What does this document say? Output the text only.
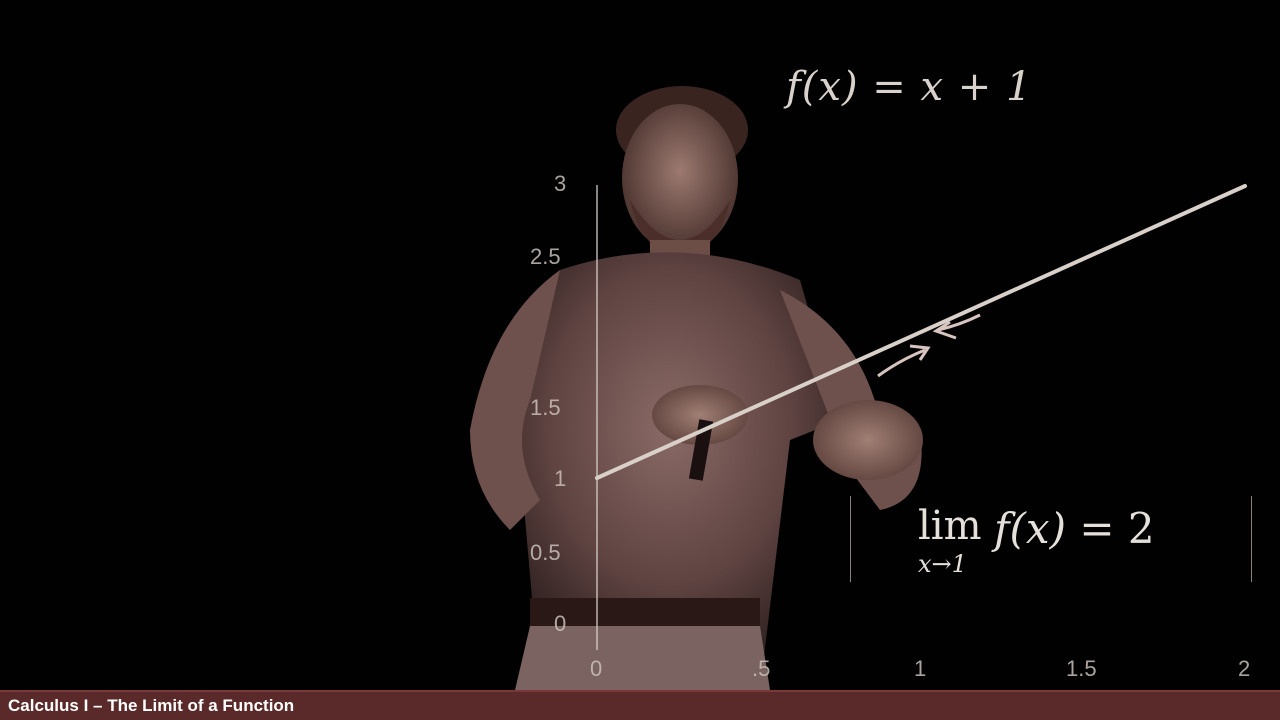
f(x) = x + 1
3
2.5
1.5
1
0.5
0
0	.5	1	1.5	2
lim
x→1
f(x) = 2
Calculus I – The Limit of a Function
